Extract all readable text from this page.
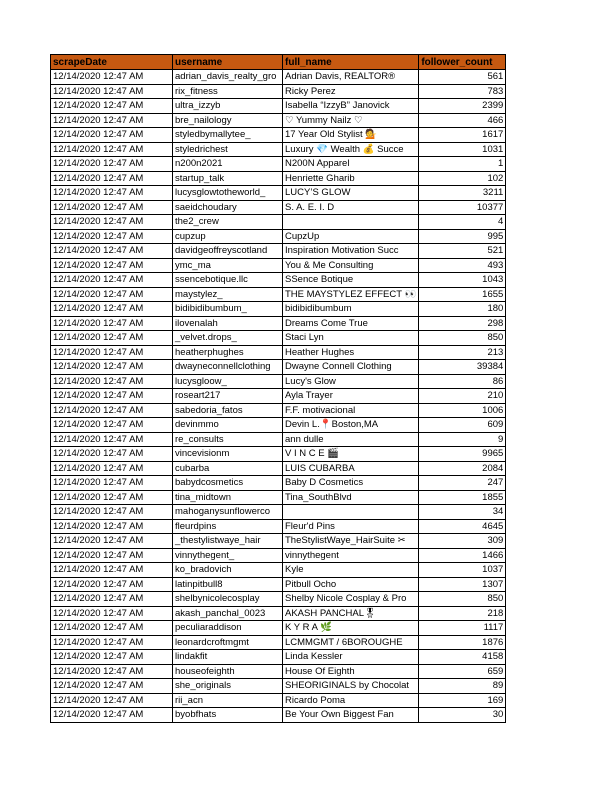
scrapeDate	username	full_name	follower_count
12/14/2020 12:47 AM	adrian_davis_realty_gro	Adrian Davis, REALTOR®	561
12/14/2020 12:47 AM	rix_fitness	Ricky Perez	783
12/14/2020 12:47 AM	ultra_izzyb	Isabella “IzzyB” Janovick	2399
12/14/2020 12:47 AM	bre_nailology	♡ Yummy Nailz ♡	466
12/14/2020 12:47 AM	styledbymallytee_	17 Year Old Stylist 💁	1617
12/14/2020 12:47 AM	styledrichest	Luxury 💎 Wealth 💰 Succe	1031
12/14/2020 12:47 AM	n200n2021	N200N Apparel	1
12/14/2020 12:47 AM	startup_talk	Henriette Gharib	102
12/14/2020 12:47 AM	lucysglowtotheworld_	LUCY’S GLOW	3211
12/14/2020 12:47 AM	saeidchoudary	S. A. E. I. D	10377
12/14/2020 12:47 AM	the2_crew		4
12/14/2020 12:47 AM	cupzup	CupzUp	995
12/14/2020 12:47 AM	davidgeoffreyscotland	Inspiration Motivation Succ	521
12/14/2020 12:47 AM	ymc_ma	You & Me Consulting	493
12/14/2020 12:47 AM	ssencebotique.llc	SSence Botique	1043
12/14/2020 12:47 AM	maystylez_	THE MAYSTYLEZ EFFECT 👀	1655
12/14/2020 12:47 AM	bidibidibumbum_	bidibidibumbum	180
12/14/2020 12:47 AM	ilovenalah	Dreams Come True	298
12/14/2020 12:47 AM	_velvet.drops_	Staci Lyn	850
12/14/2020 12:47 AM	heatherphughes	Heather Hughes	213
12/14/2020 12:47 AM	dwayneconnellclothing	Dwayne Connell Clothing	39384
12/14/2020 12:47 AM	lucysgloow_	Lucy's Glow	86
12/14/2020 12:47 AM	roseart217	Ayla Trayer	210
12/14/2020 12:47 AM	sabedoria_fatos	F.F. motivacional	1006
12/14/2020 12:47 AM	devinmmo	Devin L.📍Boston,MA	609
12/14/2020 12:47 AM	re_consults	ann dulle	9
12/14/2020 12:47 AM	vincevisionm	V I N C E 🎬	9965
12/14/2020 12:47 AM	cubarba	LUIS CUBARBA	2084
12/14/2020 12:47 AM	babydcosmetics	Baby D Cosmetics	247
12/14/2020 12:47 AM	tina_midtown	Tina_SouthBlvd	1855
12/14/2020 12:47 AM	mahoganysunflowerco		34
12/14/2020 12:47 AM	fleurdpins	Fleur'd Pins	4645
12/14/2020 12:47 AM	_thestylistwaye_hair	TheStylistWaye_HairSuite ✂	309
12/14/2020 12:47 AM	vinnythegent_	vinnythegent	1466
12/14/2020 12:47 AM	ko_bradovich	Kyle	1037
12/14/2020 12:47 AM	latinpitbull8	Pitbull Ocho	1307
12/14/2020 12:47 AM	shelbynicolecosplay	Shelby Nicole Cosplay & Pro	850
12/14/2020 12:47 AM	akash_panchal_0023	AKASH PANCHAL🎖	218
12/14/2020 12:47 AM	peculiaraddison	K Y R A 🌿	1117
12/14/2020 12:47 AM	leonardcroftmgmt	LCMMGMT / 6BOROUGHE	1876
12/14/2020 12:47 AM	lindakfit	Linda Kessler	4158
12/14/2020 12:47 AM	houseofeighth	House Of Eighth	659
12/14/2020 12:47 AM	she_originals	SHEORIGINALS by Chocolat	89
12/14/2020 12:47 AM	rii_acn	Ricardo Poma	169
12/14/2020 12:47 AM	byobfhats	Be Your Own Biggest Fan	30
